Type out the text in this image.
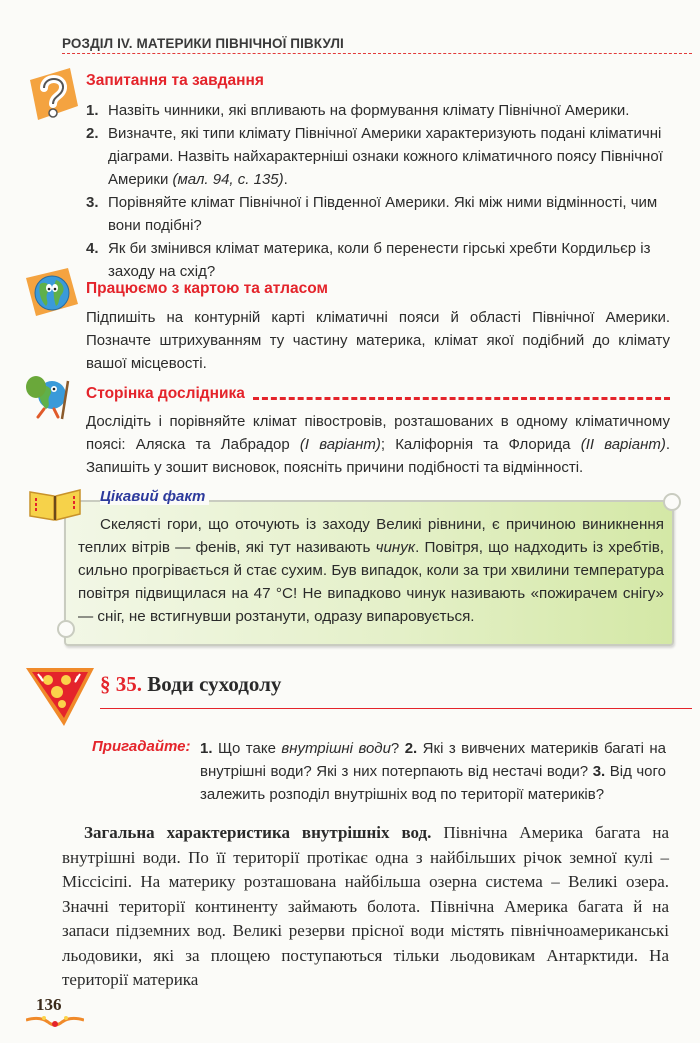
РОЗДІЛ IV. МАТЕРИКИ ПІВНІЧНОЇ ПІВКУЛІ
Запитання та завдання
1. Назвіть чинники, які впливають на формування клімату Північної Америки.
2. Визначте, які типи клімату Північної Америки характеризують подані кліматичні діаграми. Назвіть найхарактерніші ознаки кожного кліматичного поясу Північної Америки (мал. 94, с. 135).
3. Порівняйте клімат Північної і Південної Америки. Які між ними відмінності, чим вони подібні?
4. Як би змінився клімат материка, коли б перенести гірські хребти Кордильєр із заходу на схід?
Працюємо з картою та атласом

Підпишіть на контурній карті кліматичні пояси й області Північної Америки. Позначте штрихуванням ту частину материка, клімат якої подібний до клімату вашої місцевості.

Сторінка дослідника

Дослідіть і порівняйте клімат півостровів, розташованих в одному кліматичному поясі: Аляска та Лабрадор (І варіант); Каліфорнія та Флорида (ІІ варіант). Запишіть у зошит висновок, поясніть причини подібності та відмінності.

Цікавий факт

Скелясті гори, що оточують із заходу Великі рівнини, є причиною виникнення теплих вітрів — фенів, які тут називають чинук. Повітря, що надходить із хребтів, сильно прогрівається й стає сухим. Був випадок, коли за три хвилини температура повітря підвищилася на 47 °С! Не випадково чинук називають «пожирачем снігу» — сніг, не встигнувши розтанути, одразу випаровується.

§ 35. Води суходолу
Пригадайте: 1. Що таке внутрішні води? 2. Які з вивчених материків багаті на внутрішні води? Які з них потерпають від нестачі води? 3. Від чого залежить розподіл внутрішніх вод по території материків?

Загальна характеристика внутрішніх вод. Північна Америка багата на внутрішні води. По її території протікає одна з найбільших річок земної кулі – Міссісіпі. На материку розташована найбільша озерна система – Великі озера. Значні території континенту займають болота. Північна Америка багата й на запаси підземних вод. Великі резерви прісної води містять північноамериканські льодовики, які за площею поступаються тільки льодовикам Антарктиди. На території материка

136
